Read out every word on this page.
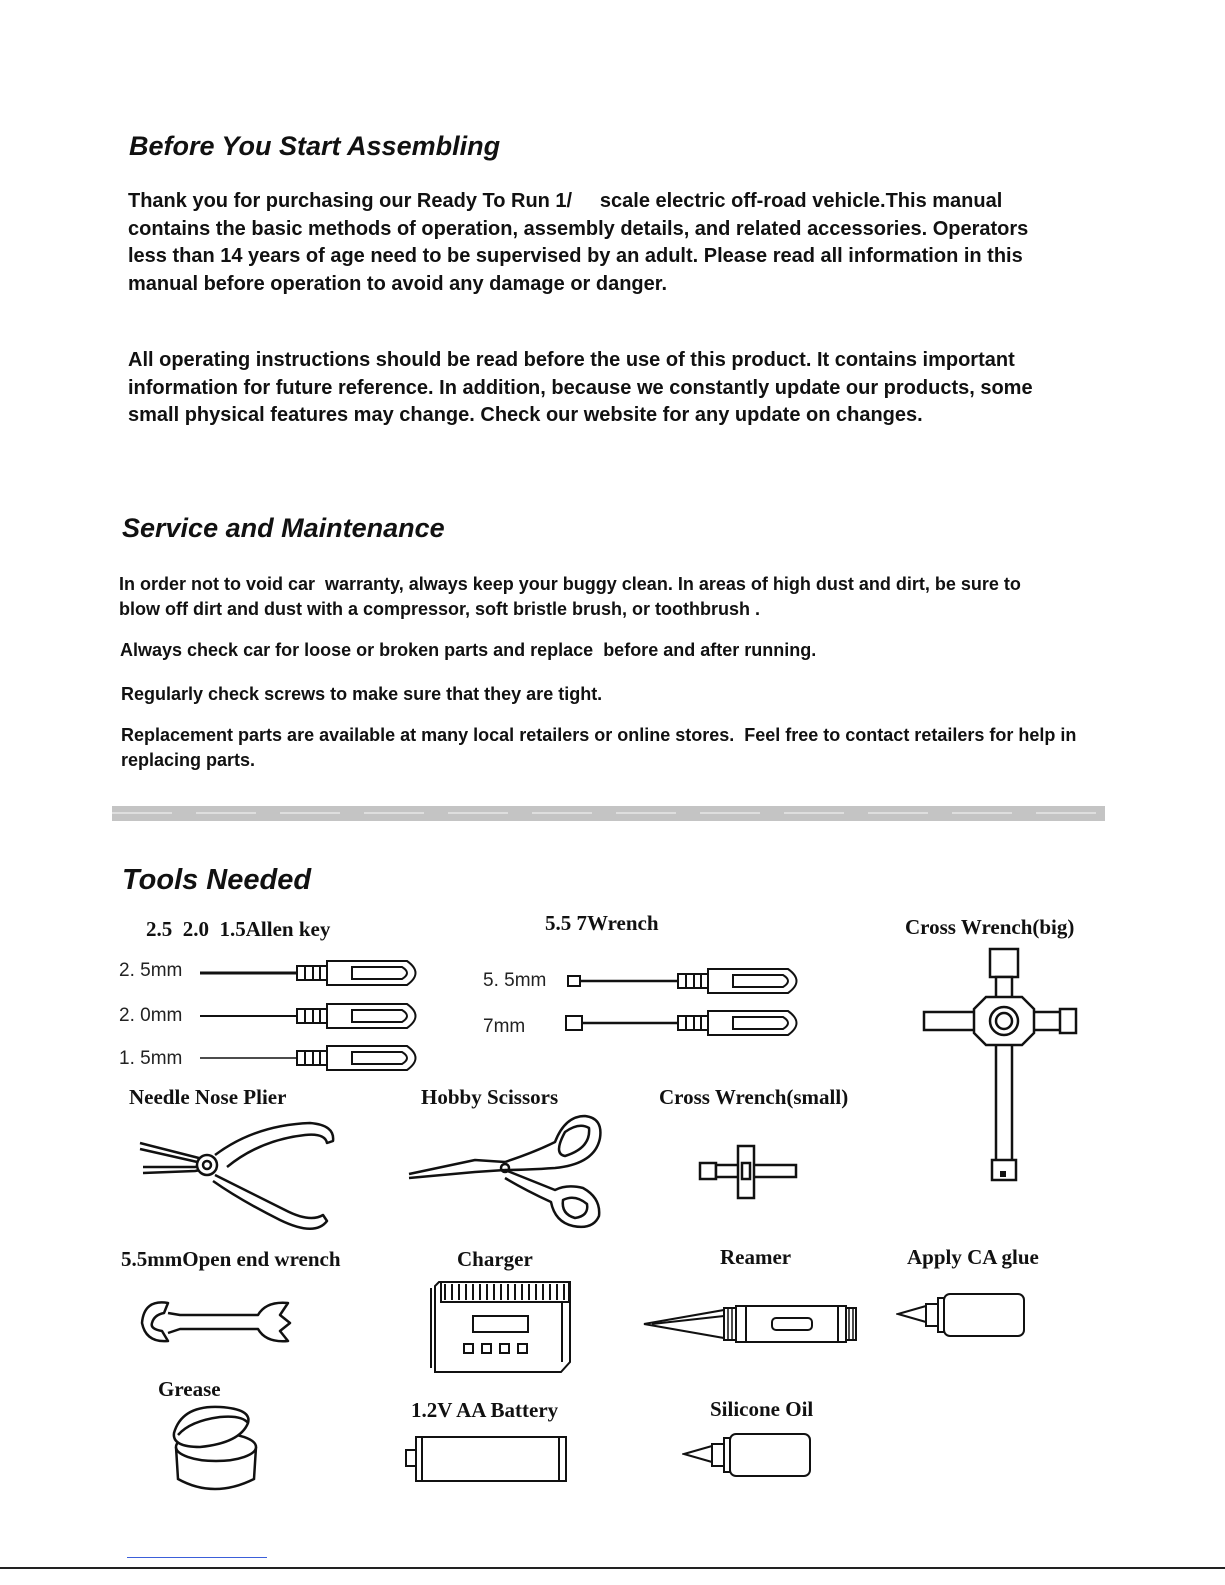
Before You Start Assembling

Thank you for purchasing our Ready To Run 1/     scale electric off-road vehicle.This manual contains the basic methods of operation, assembly details, and related accessories. Operators less than 14 years of age need to be supervised by an adult. Please read all information in this manual before operation to avoid any damage or danger.

All operating instructions should be read before the use of this product. It contains important information for future reference. In addition, because we constantly update our products, some small physical features may change. Check our website for any update on changes.

Service and Maintenance

In order not to void car  warranty, always keep your buggy clean. In areas of high dust and dirt, be sure to blow off dirt and dust with a compressor, soft bristle brush, or toothbrush .

Always check car for loose or broken parts and replace  before and after running.

Regularly check screws to make sure that they are tight.

Replacement parts are available at many local retailers or online stores.  Feel free to contact retailers for help in replacing parts.

Tools Needed
2.5  2.0  1.5Allen key
2. 5mm
2. 0mm
1. 5mm
5.5 7Wrench
5. 5mm
7mm
Cross Wrench(big)
Needle Nose Plier	Hobby Scissors	Cross Wrench(small)
5.5mmOpen end wrench	Charger	Reamer	Apply CA glue
Grease
1.2V AA Battery	Silicone Oil
